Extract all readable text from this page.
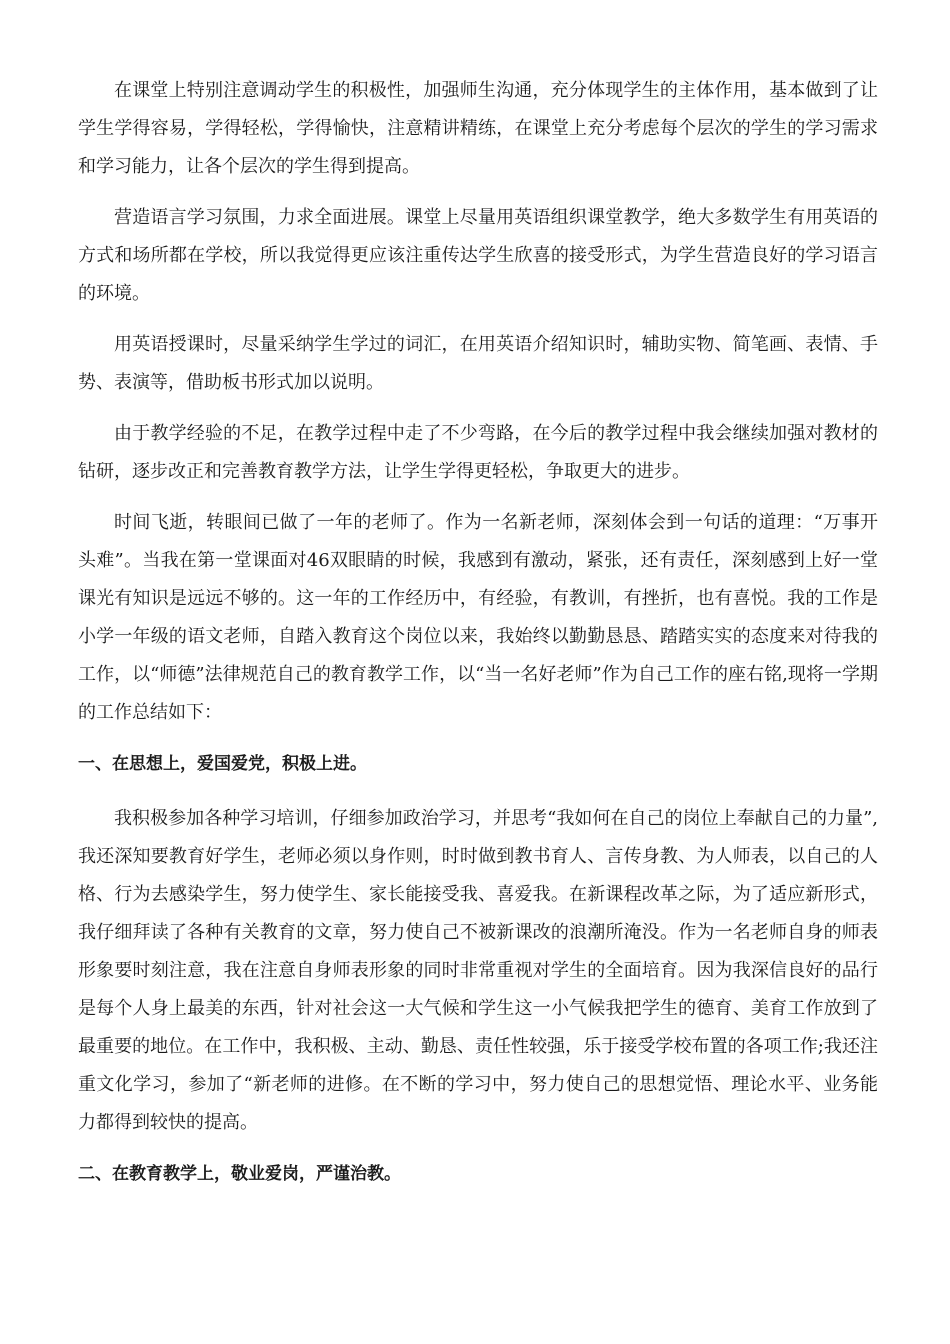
在课堂上特别注意调动学生的积极性，加强师生沟通，充分体现学生的主体作用，基本做到了让学生学得容易，学得轻松，学得愉快，注意精讲精练，在课堂上充分考虑每个层次的学生的学习需求和学习能力，让各个层次的学生得到提高。

营造语言学习氛围，力求全面进展。课堂上尽量用英语组织课堂教学，绝大多数学生有用英语的方式和场所都在学校，所以我觉得更应该注重传达学生欣喜的接受形式，为学生营造良好的学习语言的环境。

用英语授课时，尽量采纳学生学过的词汇，在用英语介绍知识时，辅助实物、简笔画、表情、手势、表演等，借助板书形式加以说明。

由于教学经验的不足，在教学过程中走了不少弯路，在今后的教学过程中我会继续加强对教材的钻研，逐步改正和完善教育教学方法，让学生学得更轻松，争取更大的进步。

时间飞逝，转眼间已做了一年的老师了。作为一名新老师，深刻体会到一句话的道理：“万事开头难”。当我在第一堂课面对46双眼睛的时候，我感到有激动，紧张，还有责任，深刻感到上好一堂课光有知识是远远不够的。这一年的工作经历中，有经验，有教训，有挫折，也有喜悦。我的工作是小学一年级的语文老师，自踏入教育这个岗位以来，我始终以勤勤恳恳、踏踏实实的态度来对待我的工作，以“师德”法律规范自己的教育教学工作，以“当一名好老师”作为自己工作的座右铭,现将一学期的工作总结如下：

一、在思想上，爱国爱党，积极上进。

我积极参加各种学习培训，仔细参加政治学习，并思考“我如何在自己的岗位上奉献自己的力量”,我还深知要教育好学生，老师必须以身作则，时时做到教书育人、言传身教、为人师表，以自己的人格、行为去感染学生，努力使学生、家长能接受我、喜爱我。在新课程改革之际，为了适应新形式，我仔细拜读了各种有关教育的文章，努力使自己不被新课改的浪潮所淹没。作为一名老师自身的师表形象要时刻注意，我在注意自身师表形象的同时非常重视对学生的全面培育。因为我深信良好的品行是每个人身上最美的东西，针对社会这一大气候和学生这一小气候我把学生的德育、美育工作放到了最重要的地位。在工作中，我积极、主动、勤恳、责任性较强，乐于接受学校布置的各项工作;我还注重文化学习，参加了“新老师的进修。在不断的学习中，努力使自己的思想觉悟、理论水平、业务能力都得到较快的提高。

二、在教育教学上，敬业爱岗，严谨治教。
